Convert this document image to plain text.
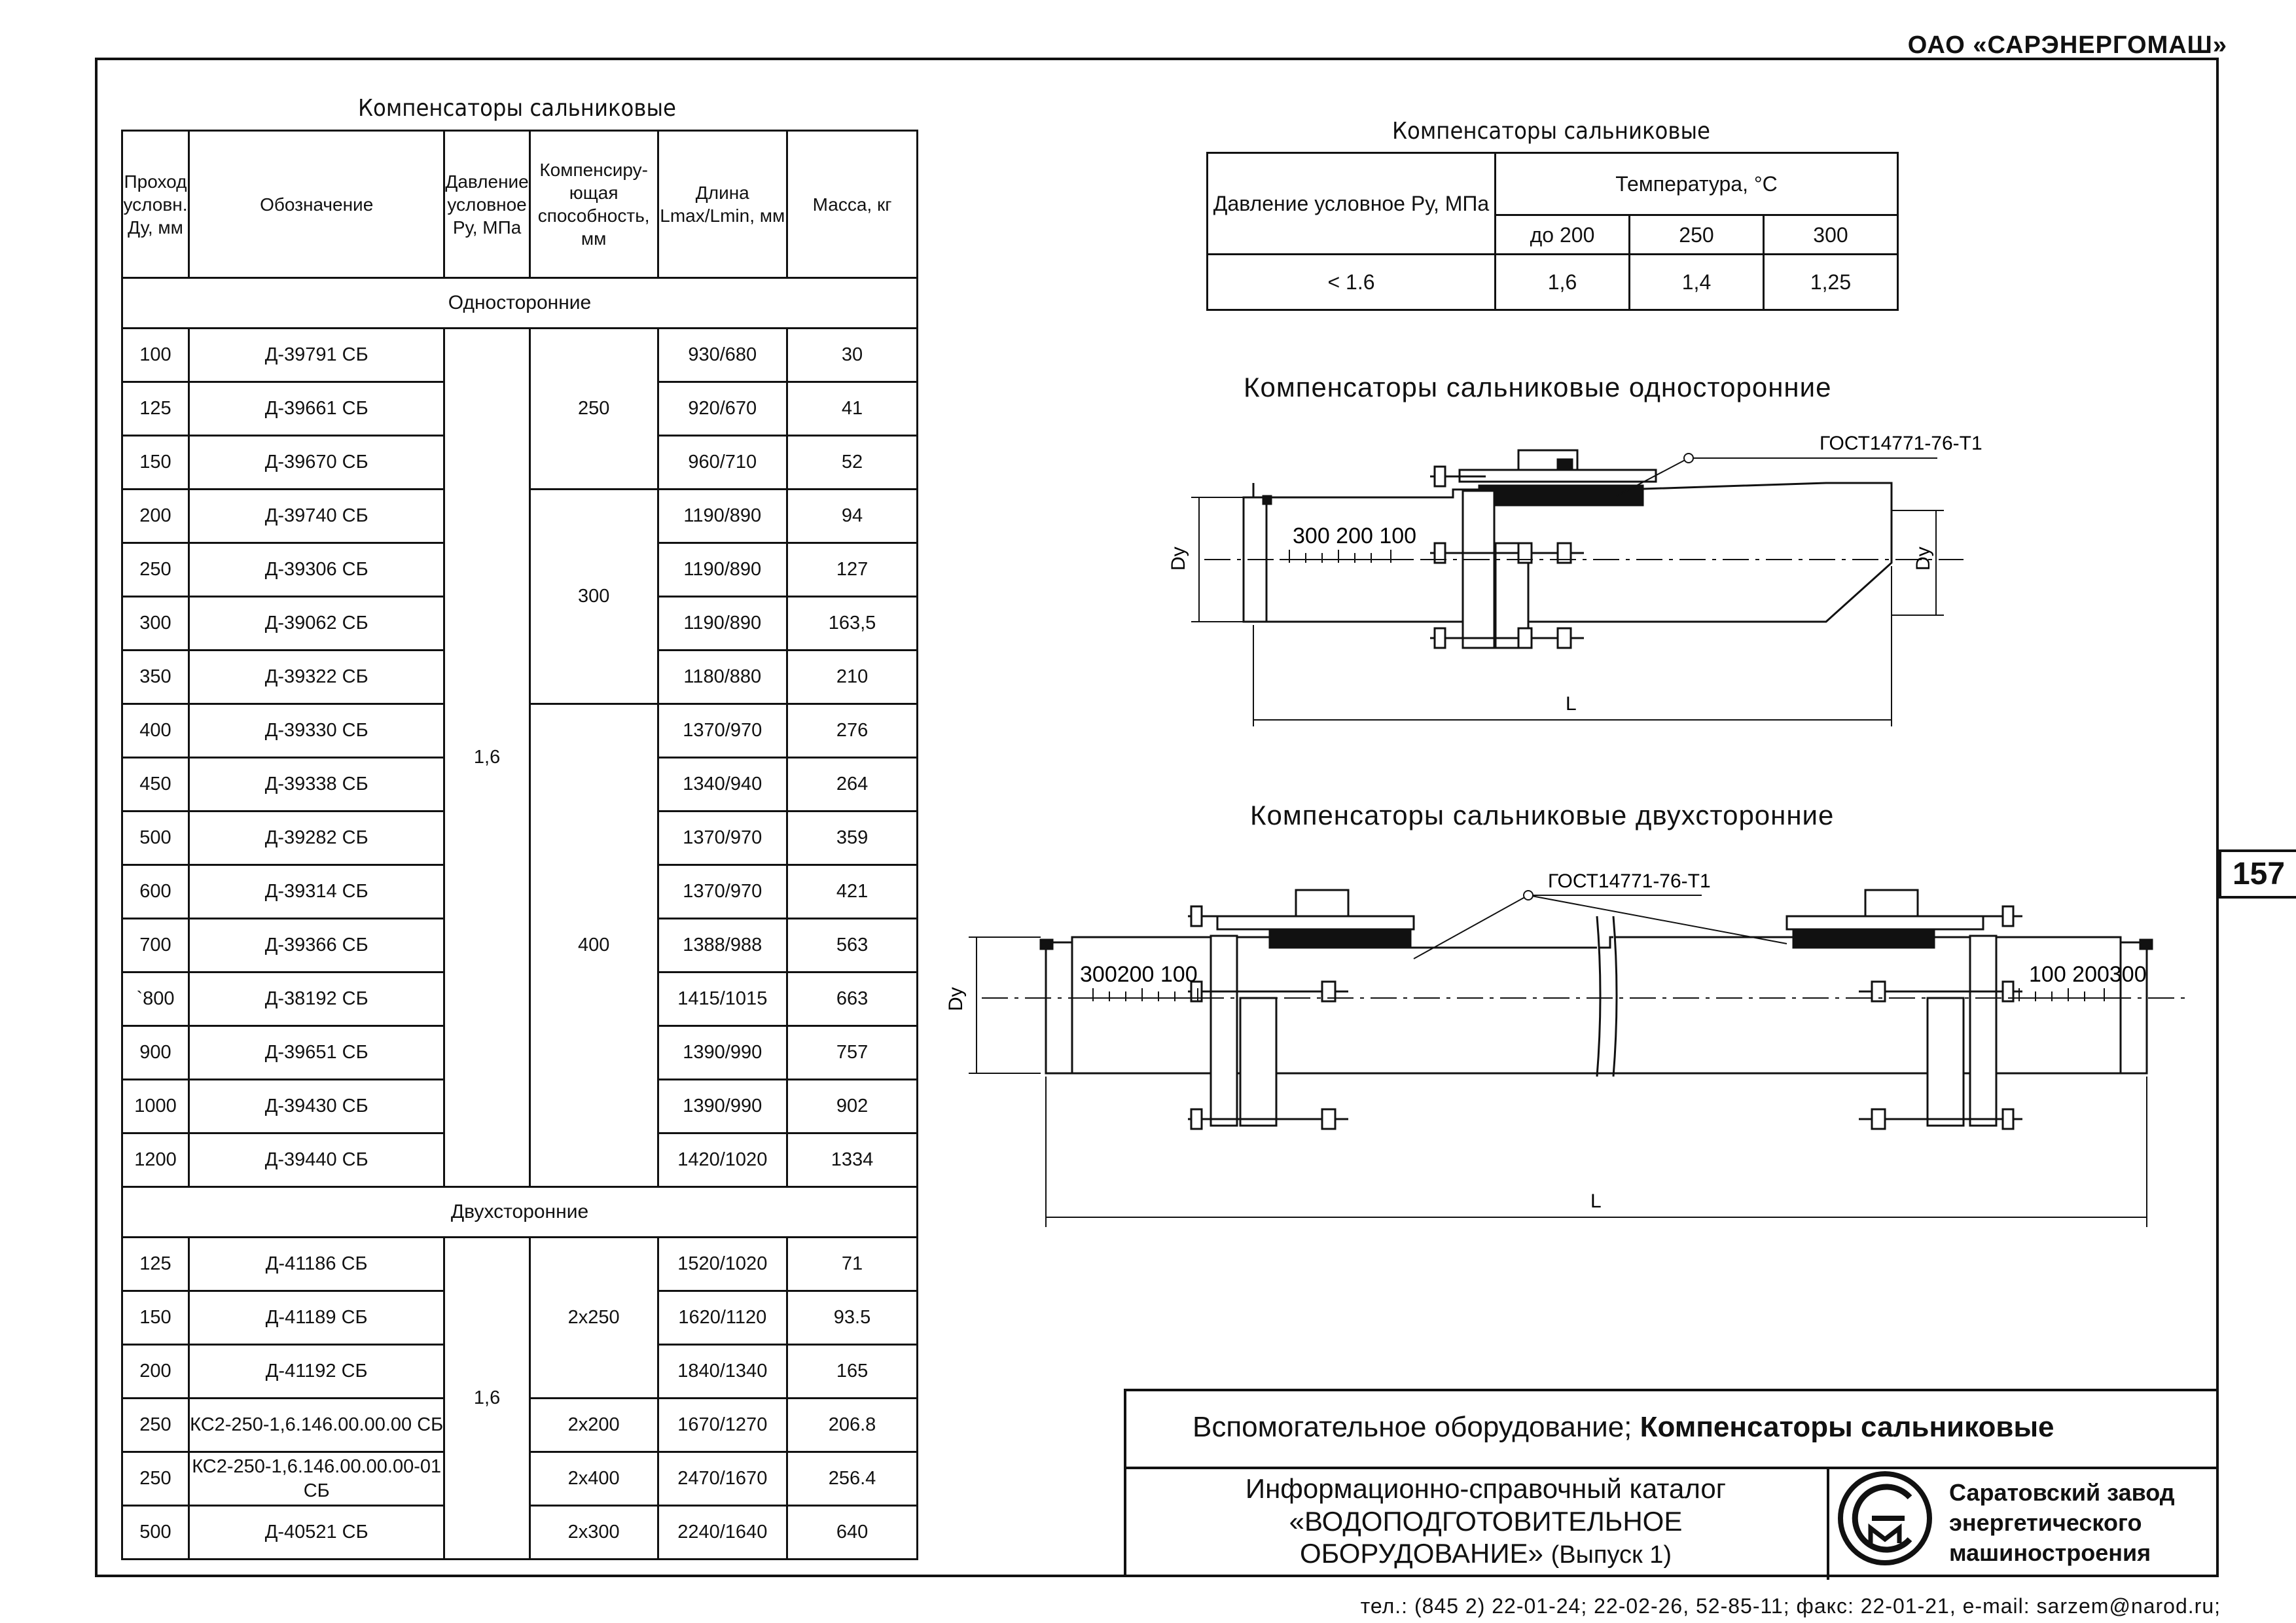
ОАО «САРЭНЕРГОМАШ»
157
Компенсаторы сальниковые
Проход условн. Ду, мм	Обозначение	Давление условное Ру, МПа	Компенсиру- ющая способность, мм	Длина Lmax/Lmin, мм	Масса, кг
Односторонние					
100	Д-39791 СБ	1,6	250	930/680	30
125	Д-39661 СБ			920/670	41
150	Д-39670 СБ			960/710	52
200	Д-39740 СБ		300	1190/890	94
250	Д-39306 СБ			1190/890	127
300	Д-39062 СБ			1190/890	163,5
350	Д-39322 СБ			1180/880	210
400	Д-39330 СБ		400	1370/970	276
450	Д-39338 СБ			1340/940	264
500	Д-39282 СБ			1370/970	359
600	Д-39314 СБ			1370/970	421
700	Д-39366 СБ			1388/988	563
`800	Д-38192 СБ			1415/1015	663
900	Д-39651 СБ			1390/990	757
1000	Д-39430 СБ			1390/990	902
1200	Д-39440 СБ			1420/1020	1334
Двухсторонние					
125	Д-41186 СБ	1,6	2х250	1520/1020	71
150	Д-41189 СБ			1620/1120	93.5
200	Д-41192 СБ			1840/1340	165
250	КС2-250-1,6.146.00.00.00 СБ		2х200	1670/1270	206.8
250	КС2-250-1,6.146.00.00.00-01 СБ		2х400	2470/1670	256.4
500	Д-40521 СБ		2х300	2240/1640	640
Компенсаторы сальниковые
Давление условное Ру, МПа	Температура, °С		
	до 200	250	300
< 1.6	1,6	1,4	1,25
Компенсаторы сальниковые односторонние
300 200 100
ГОСТ14771-76-Т1
Dy	Dy
L
Компенсаторы сальниковые двухсторонние
300200 100	100 200300
ГОСТ14771-76-Т1
Dy
L
Вспомогательное оборудование; Компенсаторы сальниковые
Информационно-справочный каталог
«ВОДОПОДГОТОВИТЕЛЬНОЕ
ОБОРУДОВАНИЕ» (Выпуск 1)
Саратовский завод
энергетического
машиностроения
тел.: (845 2) 22-01-24; 22-02-26, 52-85-11; факс: 22-01-21, e-mail: sarzem@narod.ru;
